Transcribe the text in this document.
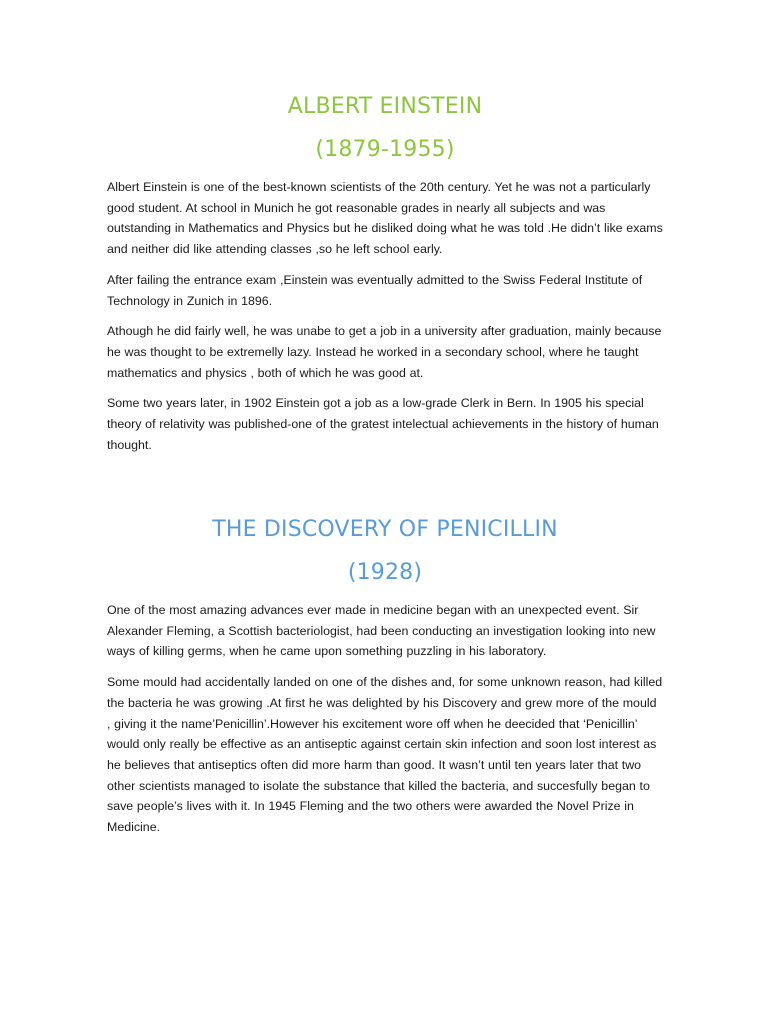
ALBERT EINSTEIN
(1879-1955)

Albert Einstein is one of the best-known scientists of the 20th century. Yet he was not a particularly good student. At school in Munich he got reasonable grades in nearly all subjects and was outstanding in Mathematics and Physics but he disliked doing what he was told .He didn’t like exams and neither did like attending classes ,so he left school early.

After failing the entrance exam ,Einstein was eventually admitted to the Swiss Federal Institute of Technology in Zunich in 1896.

Athough he did fairly well, he was unabe to get a job in a university after graduation, mainly because he was thought to be extremelly lazy. Instead he worked in a secondary school, where he taught mathematics and physics , both of which he was good at.

Some two years later, in 1902 Einstein got a job as a low-grade Clerk in Bern. In 1905 his special theory of relativity was published-one of the gratest intelectual achievements in the history of human thought.

THE DISCOVERY OF PENICILLIN
(1928)

One of the most amazing advances ever made in medicine began with an unexpected event. Sir Alexander Fleming, a Scottish bacteriologist, had been conducting an investigation looking into new ways of killing germs, when he came upon something puzzling in his laboratory.

Some mould had accidentally landed on one of the dishes and, for some unknown reason, had killed the bacteria he was growing .At first he was delighted by his Discovery and grew more of the mould , giving it the name’Penicillin’.However his excitement wore off when he deecided that ‘Penicillin’ would only really be effective as an antiseptic against certain skin infection and soon lost interest as he believes that antiseptics often did more harm than good. It wasn’t until ten years later that two other scientists managed to isolate the substance that killed the bacteria, and succesfully began to save people’s lives with it. In 1945 Fleming and the two others were awarded the Novel Prize in Medicine.
